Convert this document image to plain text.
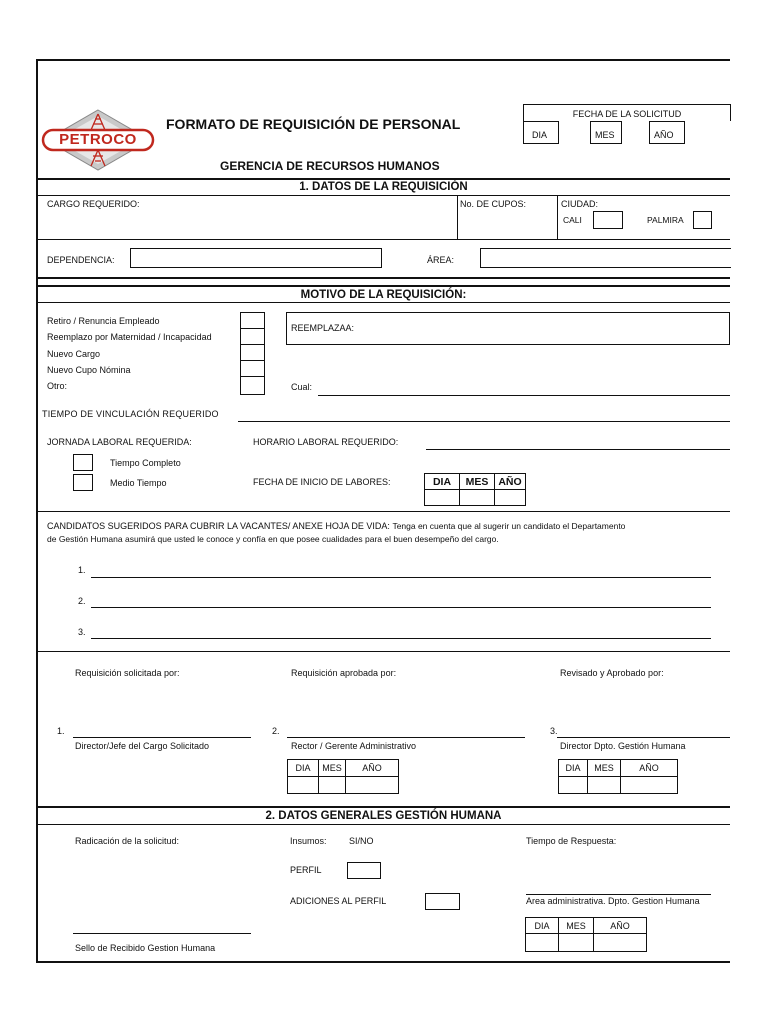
PETROCO
FORMATO DE REQUISICIÓN DE PERSONAL
GERENCIA DE RECURSOS HUMANOS
FECHA DE LA SOLICITUD
DIA	MES	AÑO
1. DATOS DE LA REQUISICIÓN
CARGO REQUERIDO:	No. DE CUPOS:	CIUDAD:
CALI	PALMIRA
DEPENDENCIA:	ÁREA:
MOTIVO DE LA REQUISICIÓN:
Retiro / Renuncia Empleado
Reemplazo por Maternidad / Incapacidad
Nuevo Cargo
Nuevo Cupo Nómina
Otro:
REEMPLAZAA:
Cual:
TIEMPO DE VINCULACIÓN REQUERIDO
JORNADA LABORAL REQUERIDA:	HORARIO LABORAL REQUERIDO:
Tiempo Completo
Medio Tiempo	FECHA DE INICIO DE LABORES:	DIA	MES	AÑO

CANDIDATOS SUGERIDOS PARA CUBRIR LA VACANTES/ ANEXE HOJA DE VIDA: Tenga en cuenta que al sugerir un candidato el Departamento
de Gestión Humana asumirá que usted le conoce y confía en que posee cualidades para el buen desempeño del cargo.
1.
2.
3.
Requisición solicitada por:	Requisición aprobada por:	Revisado y Aprobado por:
1.	2.	3.
Director/Jefe del Cargo Solicitado	Rector / Gerente Administrativo	Director Dpto. Gestión Humana
DIA	MES	AÑO
			DIA	MES	AÑO

2. DATOS GENERALES GESTIÓN HUMANA
Radicación de la solicitud:	Insumos: SI/NO	Tiempo de Respuesta:
PERFIL
ADICIONES AL PERFIL	Area administrativa. Dpto. Gestion Humana
DIA	MES	AÑO

Sello de Recibido Gestion Humana
